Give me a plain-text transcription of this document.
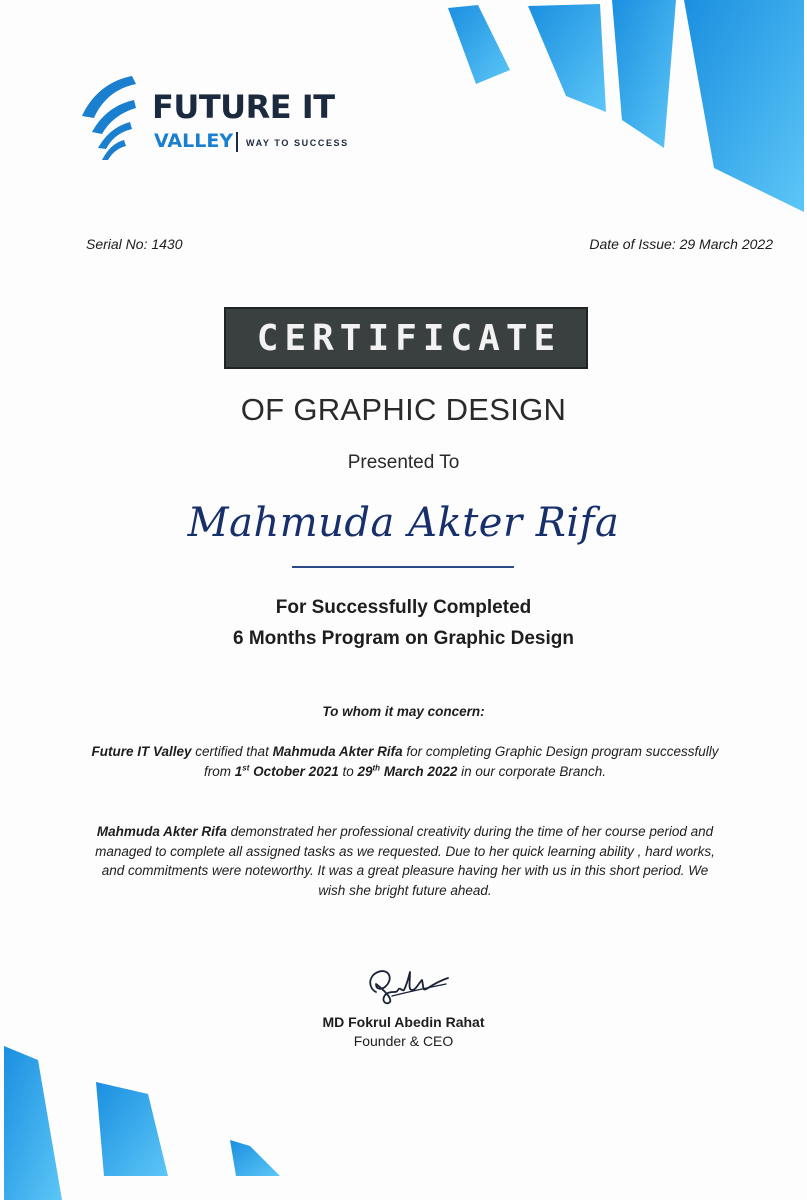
FUTURE IT
VALLEY WAY TO SUCCESS
Serial No: 1430	Date of Issue: 29 March 2022
CERTIFICATE
OF GRAPHIC DESIGN
Presented To
Mahmuda Akter Rifa
For Successfully Completed
6 Months Program on Graphic Design
To whom it may concern:
Future IT Valley certified that Mahmuda Akter Rifa for completing Graphic Design program successfully from 1st October 2021 to 29th March 2022 in our corporate Branch.
Mahmuda Akter Rifa demonstrated her professional creativity during the time of her course period and managed to complete all assigned tasks as we requested. Due to her quick learning ability , hard works, and commitments were noteworthy. It was a great pleasure having her with us in this short period. We wish she bright future ahead.
MD Fokrul Abedin Rahat
Founder & CEO
